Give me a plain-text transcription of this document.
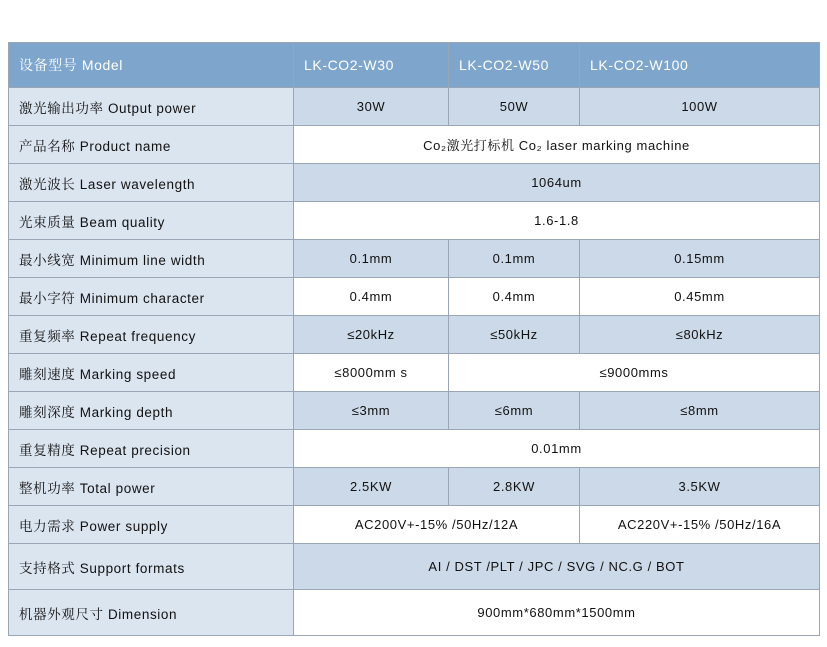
设备型号 Model	LK-CO2-W30	LK-CO2-W50	LK-CO2-W100
激光输出功率 Output power	30W	50W	100W
产品名称 Product name	Co₂激光打标机 Co₂ laser marking machine		
激光波长 Laser wavelength	1064um		
光束质量 Beam quality	1.6-1.8		
最小线宽 Minimum line width	0.1mm	0.1mm	0.15mm
最小字符 Minimum character	0.4mm	0.4mm	0.45mm
重复频率 Repeat frequency	≤20kHz	≤50kHz	≤80kHz
雕刻速度 Marking speed	≤8000mm s	≤9000mms	
雕刻深度 Marking depth	≤3mm	≤6mm	≤8mm
重复精度 Repeat precision	0.01mm		
整机功率 Total power	2.5KW	2.8KW	3.5KW
电力需求 Power supply	AC200V+-15% /50Hz/12A		AC220V+-15% /50Hz/16A
支持格式 Support formats	AI / DST /PLT / JPC / SVG / NC.G / BOT		
机器外观尺寸 Dimension	900mm*680mm*1500mm		
